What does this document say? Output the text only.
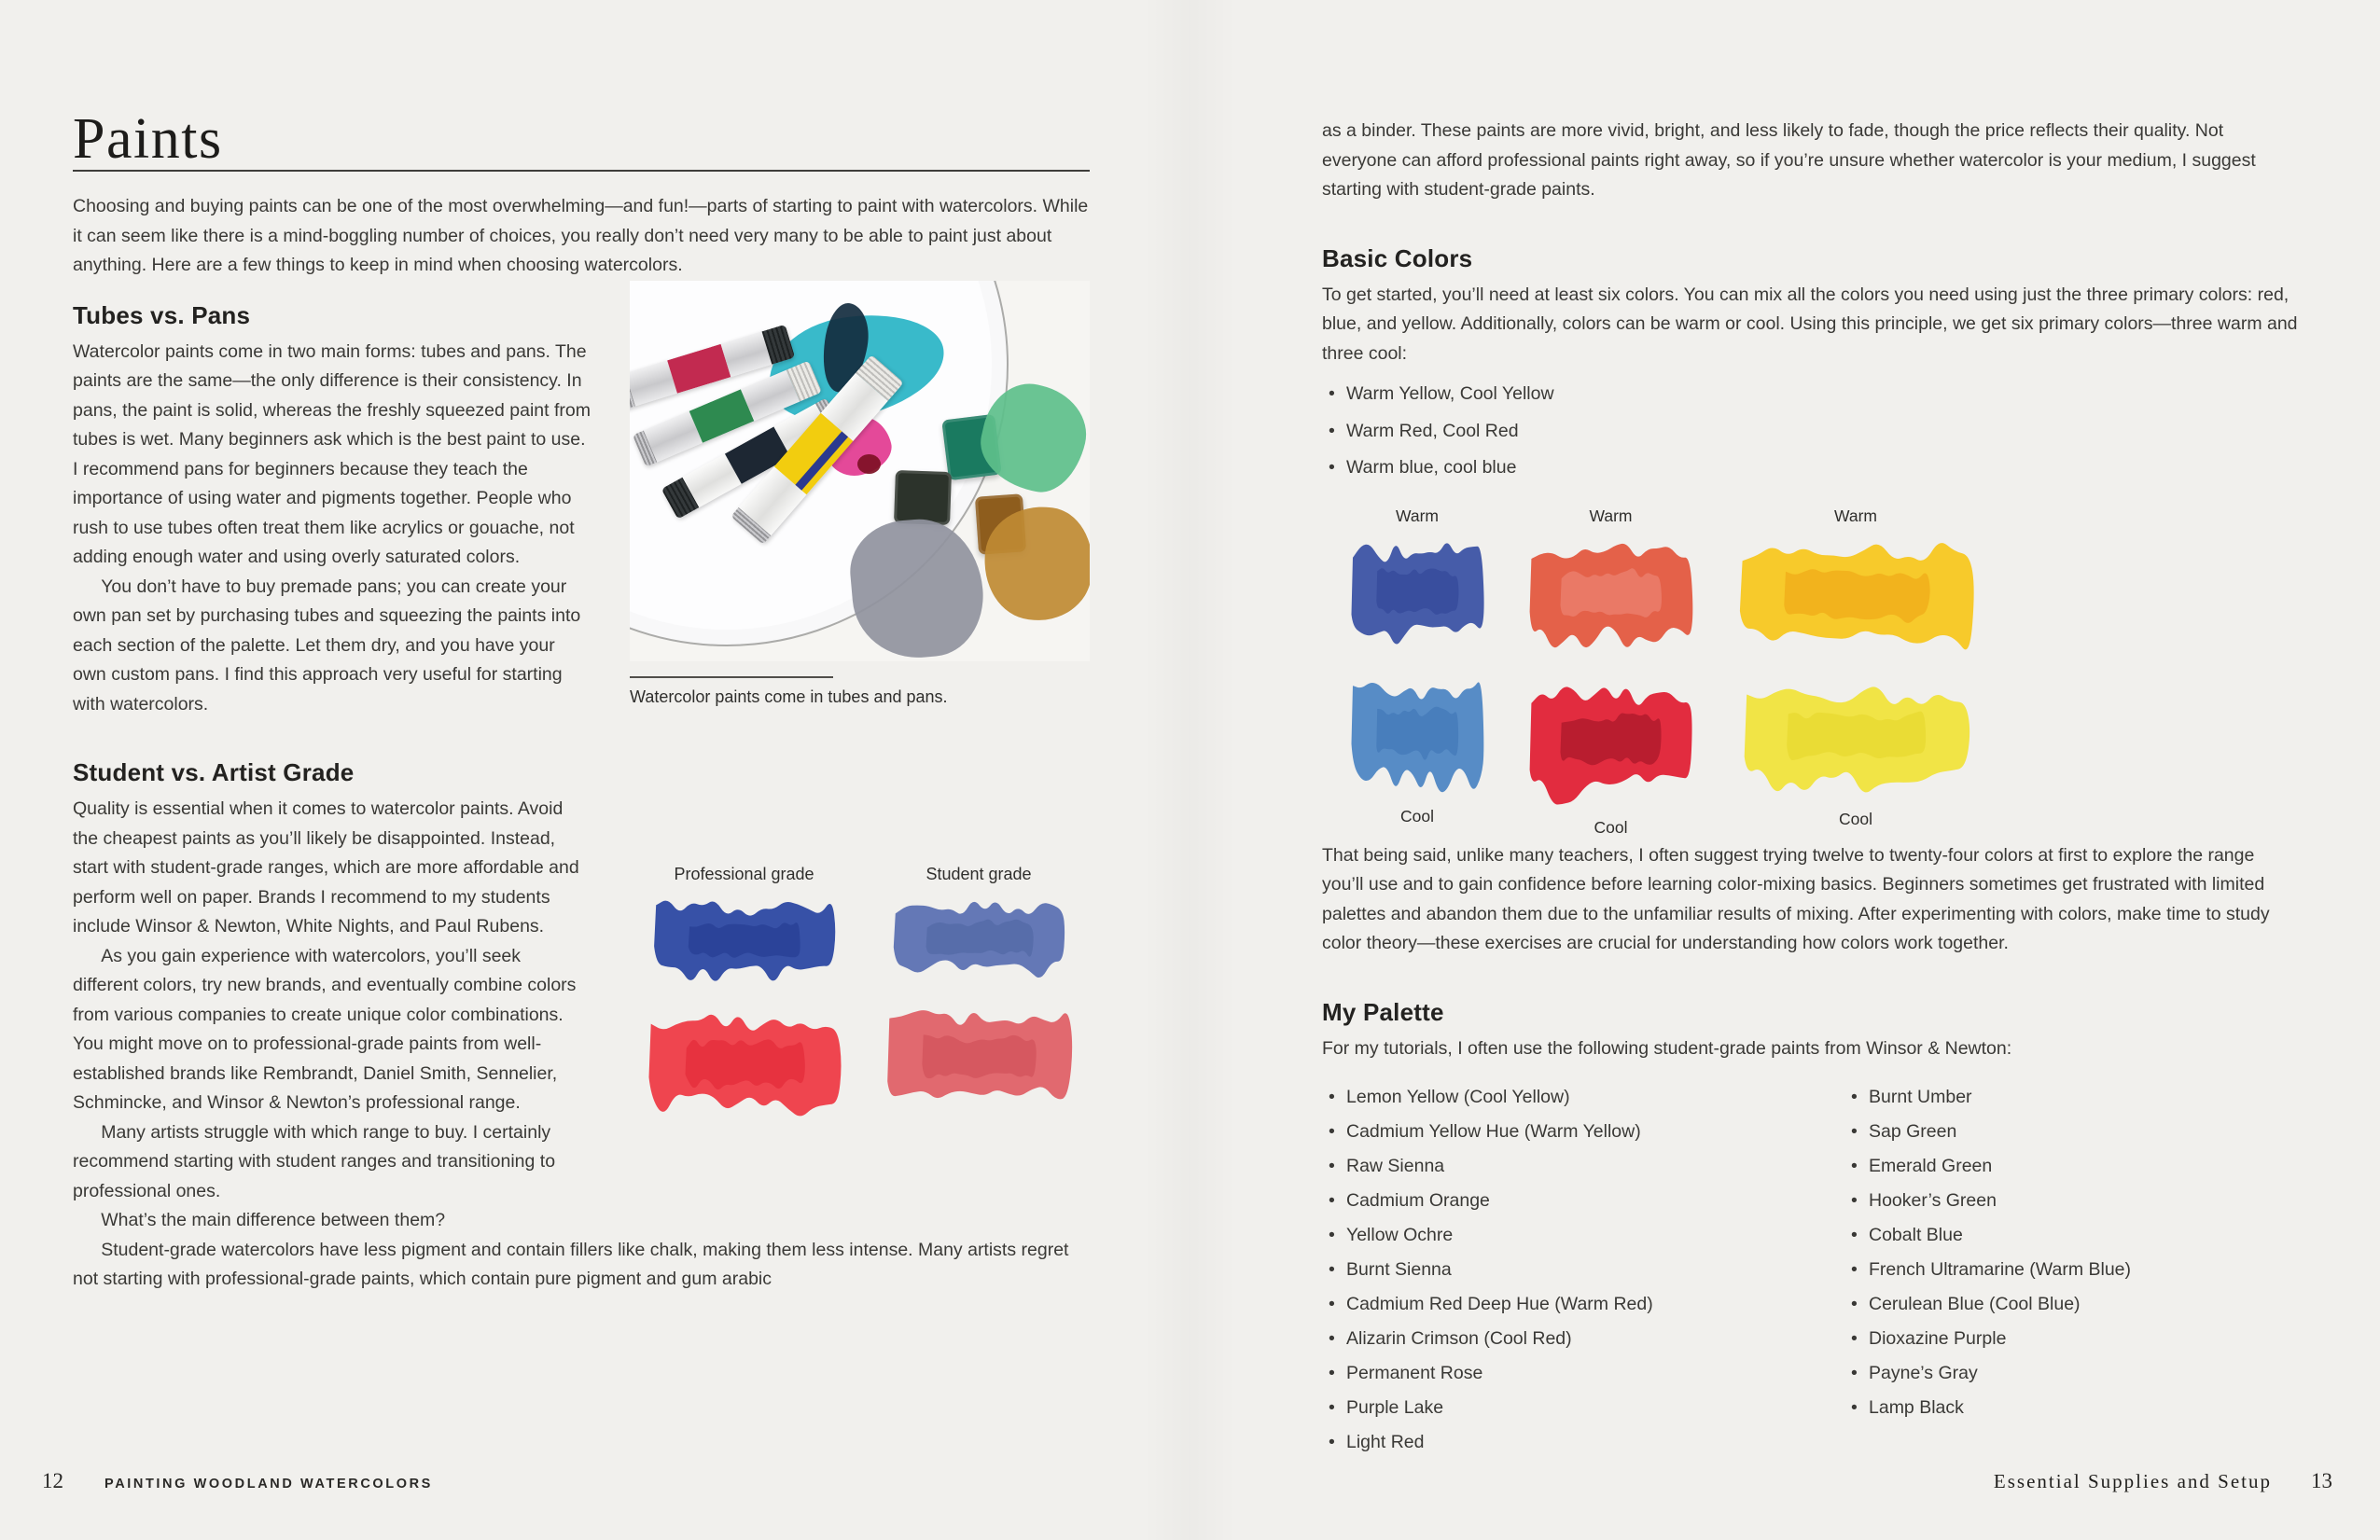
Paints

Choosing and buying paints can be one of the most overwhelming—and fun!—parts of starting to paint with watercolors. While it can seem like there is a mind-boggling number of choices, you really don’t need very many to be able to paint just about anything. Here are a few things to keep in mind when choosing watercolors.

Watercolor paints come in tubes and pans.
Professional grade	Student grade
Tubes vs. Pans

Watercolor paints come in two main forms: tubes and pans. The paints are the same—the only difference is their consistency. In pans, the paint is solid, whereas the freshly squeezed paint from tubes is wet. Many beginners ask which is the best paint to use. I recommend pans for beginners because they teach the importance of using water and pigments together. People who rush to use tubes often treat them like acrylics or gouache, not adding enough water and using overly saturated colors.

You don’t have to buy premade pans; you can create your own pan set by purchasing tubes and squeezing the paints into each section of the palette. Let them dry, and you have your own custom pans. I find this approach very useful for starting with watercolors.

Student vs. Artist Grade

Quality is essential when it comes to watercolor paints. Avoid the cheapest paints as you’ll likely be disappointed. Instead, start with student-grade ranges, which are more affordable and perform well on paper. Brands I recommend to my students include Winsor & Newton, White Nights, and Paul Rubens.

As you gain experience with watercolors, you’ll seek different colors, try new brands, and eventually combine colors from various companies to create unique color combinations. You might move on to professional-grade paints from well-established brands like Rembrandt, Daniel Smith, Sennelier, Schmincke, and Winsor & Newton’s professional range.

Many artists struggle with which range to buy. I certainly recommend starting with student ranges and transitioning to professional ones.

What’s the main difference between them?

Student-grade watercolors have less pigment and contain fillers like chalk, making them less intense. Many artists regret not starting with professional-grade paints, which contain pure pigment and gum arabic

12	PAINTING WOODLAND WATERCOLORS

as a binder. These paints are more vivid, bright, and less likely to fade, though the price reflects their quality. Not everyone can afford professional paints right away, so if you’re unsure whether watercolor is your medium, I suggest starting with student-grade paints.

Basic Colors

To get started, you’ll need at least six colors. You can mix all the colors you need using just the three primary colors: red, blue, and yellow. Additionally, colors can be warm or cool. Using this principle, we get six primary colors—three warm and three cool:

• Warm Yellow, Cool Yellow
• Warm Red, Cool Red
• Warm blue, cool blue
Warm
Cool
Warm
Cool
Warm
Cool

That being said, unlike many teachers, I often suggest trying twelve to twenty-four colors at first to explore the range you’ll use and to gain confidence before learning color-mixing basics. Beginners sometimes get frustrated with limited palettes and abandon them due to the unfamiliar results of mixing. After experimenting with colors, make time to study color theory—these exercises are crucial for understanding how colors work together.

My Palette

For my tutorials, I often use the following student-grade paints from Winsor & Newton:

• Lemon Yellow (Cool Yellow)
• Cadmium Yellow Hue (Warm Yellow)
• Raw Sienna
• Cadmium Orange
• Yellow Ochre
• Burnt Sienna
• Cadmium Red Deep Hue (Warm Red)
• Alizarin Crimson (Cool Red)
• Permanent Rose
• Purple Lake
• Light Red
• Burnt Umber
• Sap Green
• Emerald Green
• Hooker’s Green
• Cobalt Blue
• French Ultramarine (Warm Blue)
• Cerulean Blue (Cool Blue)
• Dioxazine Purple
• Payne’s Gray
• Lamp Black
Essential Supplies and Setup 13
